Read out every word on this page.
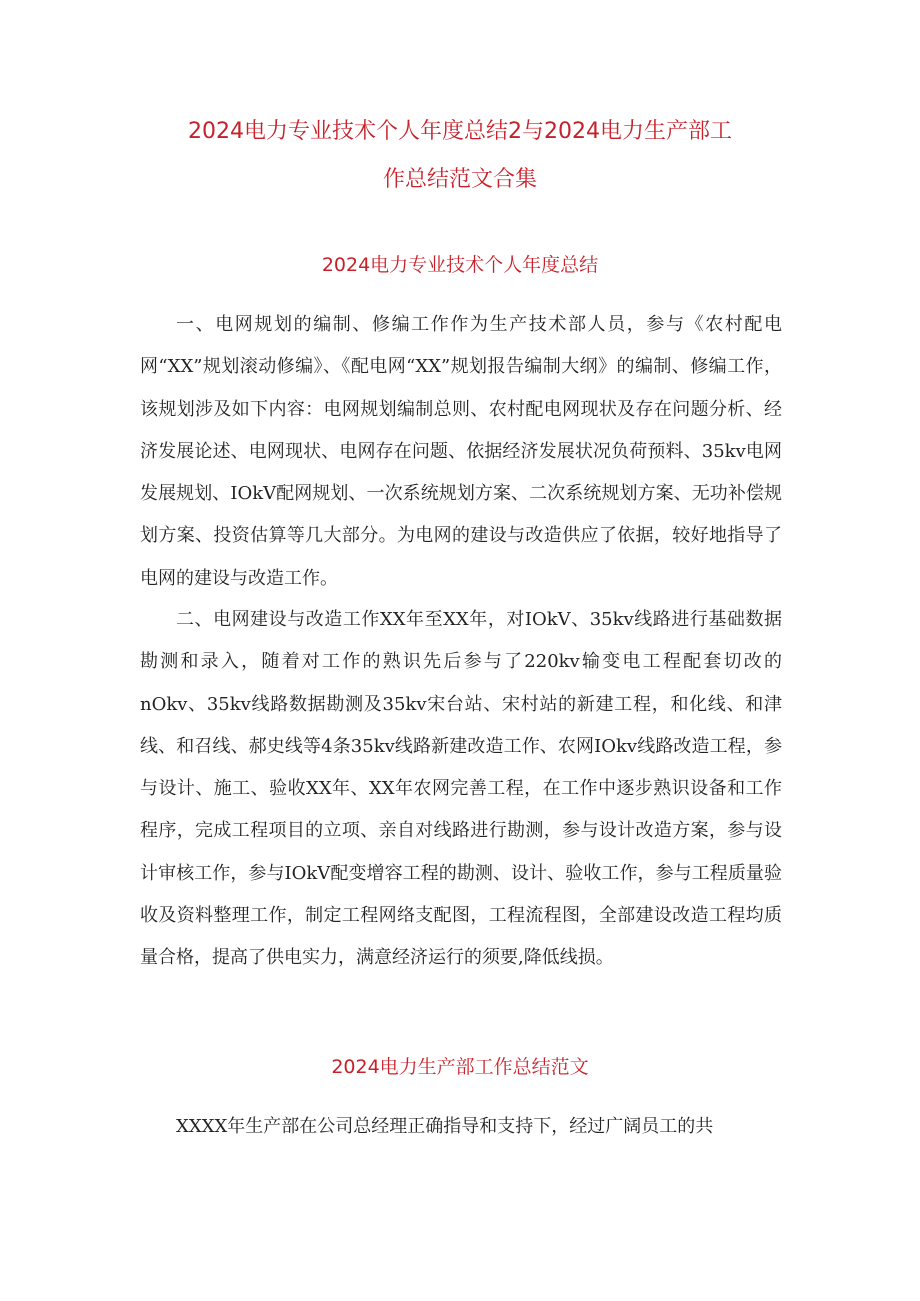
2024电力专业技术个人年度总结2与2024电力生产部工
作总结范文合集
2024电力专业技术个人年度总结

一、电网规划的编制、修编工作作为生产技术部人员，参与《农村配电网“XX”规划滚动修编》、《配电网“XX”规划报告编制大纲》的编制、修编工作，该规划涉及如下内容：电网规划编制总则、农村配电网现状及存在问题分析、经济发展论述、电网现状、电网存在问题、依据经济发展状况负荷预料、35kv电网发展规划、IOkV配网规划、一次系统规划方案、二次系统规划方案、无功补偿规划方案、投资估算等几大部分。为电网的建设与改造供应了依据，较好地指导了电网的建设与改造工作。

二、电网建设与改造工作XX年至XX年，对IOkV、35kv线路进行基础数据勘测和录入，随着对工作的熟识先后参与了220kv输变电工程配套切改的nOkv、35kv线路数据勘测及35kv宋台站、宋村站的新建工程，和化线、和津线、和召线、郝史线等4条35kv线路新建改造工作、农网IOkv线路改造工程，参与设计、施工、验收XX年、XX年农网完善工程，在工作中逐步熟识设备和工作程序，完成工程项目的立项、亲自对线路进行勘测，参与设计改造方案，参与设计审核工作，参与IOkV配变增容工程的勘测、设计、验收工作，参与工程质量验收及资料整理工作，制定工程网络支配图，工程流程图，全部建设改造工程均质量合格，提高了供电实力，满意经济运行的须要,降低线损。

2024电力生产部工作总结范文

XXXX年生产部在公司总经理正确指导和支持下，经过广阔员工的共
